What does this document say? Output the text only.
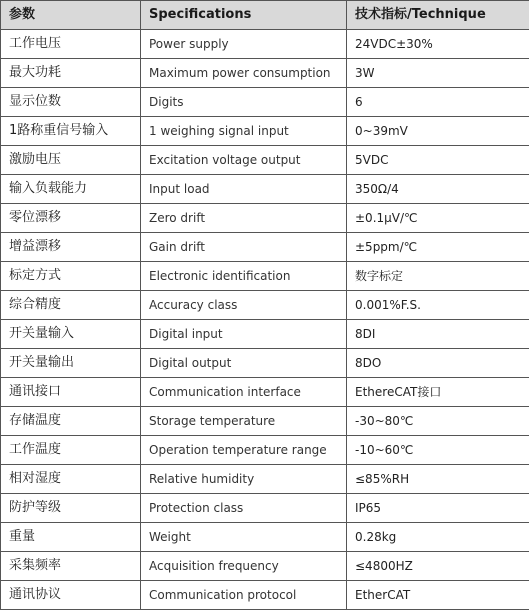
参数	Specifications	技术指标/Technique
工作电压	Power supply	24VDC±30%
最大功耗	Maximum power consumption	3W
显示位数	Digits	6
1路称重信号输入	1 weighing signal input	0~39mV
激励电压	Excitation voltage output	5VDC
输入负载能力	Input load	350Ω/4
零位漂移	Zero drift	±0.1μV/℃
增益漂移	Gain drift	±5ppm/℃
标定方式	Electronic identification	数字标定
综合精度	Accuracy class	0.001%F.S.
开关量输入	Digital input	8DI
开关量输出	Digital output	8DO
通讯接口	Communication interface	EthereCAT接口
存储温度	Storage temperature	-30~80℃
工作温度	Operation temperature range	-10~60℃
相对湿度	Relative humidity	≤85%RH
防护等级	Protection class	IP65
重量	Weight	0.28kg
采集频率	Acquisition frequency	≤4800HZ
通讯协议	Communication protocol	EtherCAT
